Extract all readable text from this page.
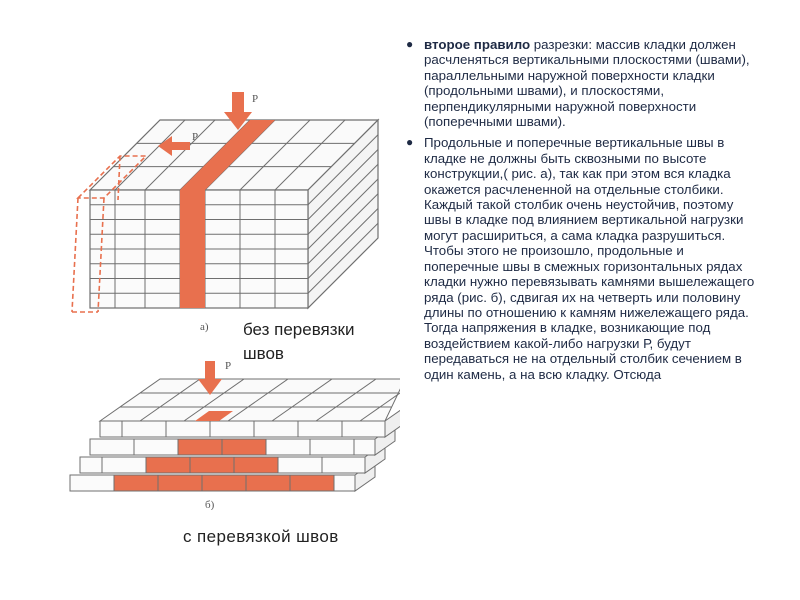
P
P
а) без перевязки швов
P
б)
с перевязкой швов

● второе правило разрезки: массив кладки должен расчленяться вертикальными плоскостями (швами), параллельными наружной поверхности кладки (продольными швами), и плоскостями, перпендикулярными наружной поверхности (поперечными швами).

● Продольные и поперечные вертикальные швы в кладке не должны быть сквозными по высоте конструкции,( рис. а), так как при этом вся кладка окажется расчлененной на отдельные столбики. Каждый такой столбик очень неустойчив, поэтому швы в кладке под влиянием вертикальной нагрузки могут расшириться, а сама кладка разрушиться. Чтобы этого не произошло, продольные и поперечные швы в смежных горизонтальных рядах кладки нужно перевязывать камнями вышележащего ряда (рис. б), сдвигая их на четверть или половину длины по отношению к камням нижележащего ряда. Тогда напряжения в кладке, возникающие под воздействием какой-либо нагрузки Р, будут передаваться не на отдельный столбик сечением в один камень, а на всю кладку. Отсюда
